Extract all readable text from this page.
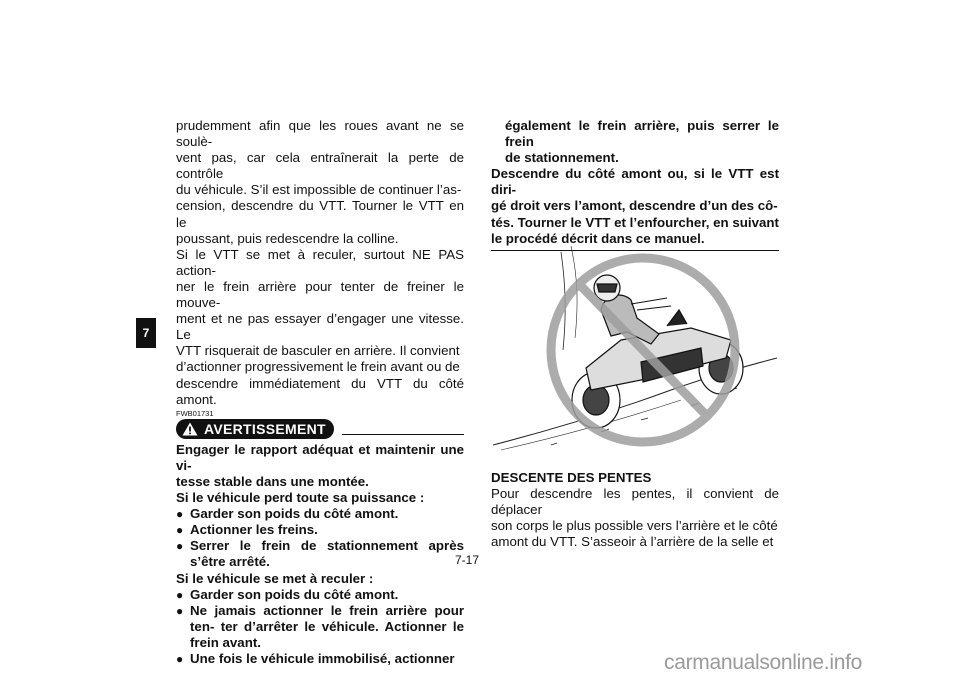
7

prudemment afin que les roues avant ne se soulè-
vent pas, car cela entraînerait la perte de contrôle
du véhicule. S’il est impossible de continuer l’as-
cension, descendre du VTT. Tourner le VTT en le
poussant, puis redescendre la colline.

Si le VTT se met à reculer, surtout NE PAS action-
ner le frein arrière pour tenter de freiner le mouve-
ment et ne pas essayer d’engager une vitesse. Le
VTT risquerait de basculer en arrière. Il convient
d’actionner progressivement le frein avant ou de
descendre immédiatement du VTT du côté amont.

FWB01731

AVERTISSEMENT

Engager le rapport adéquat et maintenir une vi-
tesse stable dans une montée.
Si le véhicule perd toute sa puissance :

● Garder son poids du côté amont.
● Actionner les freins.
● Serrer le frein de stationnement après s’être arrêté.

Si le véhicule se met à reculer :

● Garder son poids du côté amont.
● Ne jamais actionner le frein arrière pour ten- ter d’arrêter le véhicule. Actionner le frein avant.
● Une fois le véhicule immobilisé, actionner

également le frein arrière, puis serrer le frein
de stationnement.

Descendre du côté amont ou, si le VTT est diri-
gé droit vers l’amont, descendre d’un des cô-
tés. Tourner le VTT et l’enfourcher, en suivant
le procédé décrit dans ce manuel.

DESCENTE DES PENTES

Pour descendre les pentes, il convient de déplacer
son corps le plus possible vers l’arrière et le côté
amont du VTT. S’asseoir à l’arrière de la selle et

7-17
carmanualsonline.info
